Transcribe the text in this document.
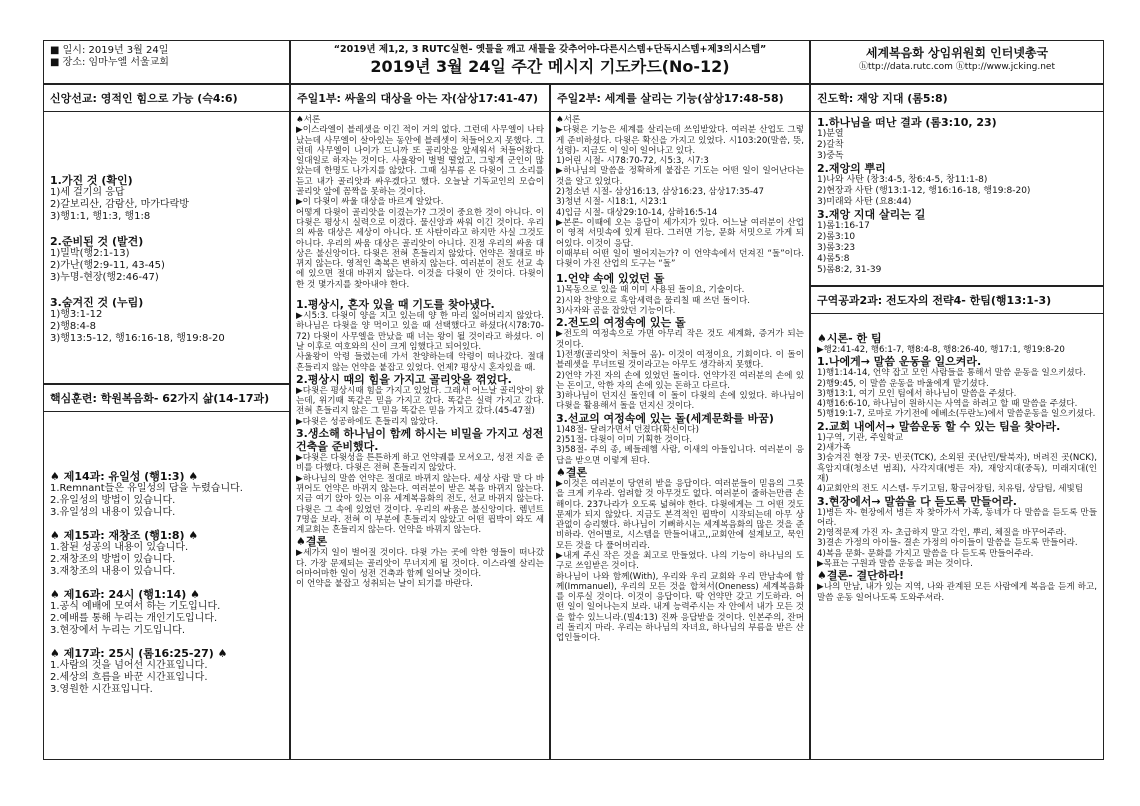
■ 일시: 2019년 3월 24일
■ 장소: 임마누엘 서울교회
“2019년 제1,2, 3 RUTC실현- 옛틀을 깨고 새틀을 갖추어야-다른시스템+단독시스템+제3의시스템”
2019년 3월 24일 주간 메시지 기도카드(No-12)
세계복음화 상임위원회 인터넷총국
ⓗttp://data.rutc.com ⓗttp://www.jcking.net
신앙선교: 영적인 힘으로 가능 (슥4:6)
1.가진 것 (확인)
1)세 걸기의 응답
2)갈보리산, 감람산, 마가다락방
3)행1:1, 행1:3, 행1:8
2.준비된 것 (발견)
1)밀박(행2:1-13)
2)가난(행2:9-11, 43-45)
3)누명-현장(행2:46-47)
3.숨겨진 것 (누림)
1)행3:1-12
2)행8:4-8
3)행13:5-12, 행16:16-18, 행19:8-20
핵심훈련: 학원복음화- 62가지 삶(14-17과)
♠ 제14과: 유일성 (행1:3) ♠
1.Remnant들은 유일성의 답을 누렸습니다.
2.유일성의 방법이 있습니다.
3.유일성의 내용이 있습니다.
♠ 제15과: 재창조 (행1:8) ♠
1.참된 성공의 내용이 있습니다.
2.재창조의 방법이 있습니다.
3.재창조의 내용이 있습니다.
♠ 제16과: 24시 (행1:14) ♠
1.공식 예배에 모여서 하는 기도입니다.
2.예배를 통해 누리는 개인기도입니다.
3.현장에서 누리는 기도입니다.
♠ 제17과: 25시 (롬16:25-27) ♠
1.사람의 것을 넘어선 시간표입니다.
2.세상의 흐름을 바꾼 시간표입니다.
3.영원한 시간표입니다.
주일1부: 싸울의 대상을 아는 자(삼상17:41-47)
♠서론
▶이스라엘이 블레셋을 이긴 적이 거의 없다. 그런데 사무엘이 나타났는데 사무엘이 살아있는 동안에 블레셋이 처들어오지 못했다. 그런데 사무엘이 나이가 드니까 또 골리앗을 앞세워서 처들어왔다. 일대일로 하자는 것이다. 사울왕이 벌벌 떨었고, 그렇게 군인이 많았는데 한명도 나가지를 않았다. 그때 심부름 온 다윗이 그 소리를 듣고 내가 골리앗과 싸우겠다고 했다. 오늘날 기독교인의 모습이 골리앗 앞에 꼼짝을 못하는 것이다.
▶이 다윗이 싸울 대상을 바르게 알았다.
어떻게 다윗이 골리앗을 이겼는가? 그것이 중요한 것이 아니다. 이 다윗은 평상시 실력으로 이겼다. 물신앙과 싸워 이긴 것이다. 우리의 싸움 대상은 세상이 아니다. 또 사탄이라고 하지만 사실 그것도 아니다. 우리의 싸움 대상은 골리앗이 아니다. 진정 우리의 싸움 대상은 불신앙이다. 다윗은 전혀 흔들리지 않았다. 언약은 절대로 바뀌지 않는다. 영적인 축복은 변하지 않는다. 여러분이 전도 선교 속에 있으면 절대 바뀌지 않는다. 이것을 다윗이 안 것이다. 다윗이 한 것 몇가지를 찾아내야 한다.
1.평상시, 혼자 있을 때 기도를 찾아냈다.
▶시5:3. 다윗이 양을 지고 있는데 양 한 마리 잃어버리지 않았다. 하나님은 다윗을 양 먹이고 있을 때 선택했다고 하셨다(시78:70-72) 다윗이 사무엘을 만났을 때 너는 왕이 될 것이라고 하셨다. 이날 이후로 여호와의 신이 크게 임했다고 되어있다.
사울왕이 악령 들렸는데 가서 찬양하는데 악령이 떠나갔다. 절대 흔들리지 않는 언약을 붙잡고 있었다. 언제? 평상시 혼자있을 때.
2.평상시 때의 힘을 가지고 골리앗을 꺾었다.
▶다윗은 평상시때 힘을 가지고 있었다. 그래서 어느날 골리앗이 왔는데, 위기때 똑같은 믿음 가지고 갔다. 똑같은 실력 가지고 갔다. 전혀 흔들리지 않은 그 믿음 똑같은 믿음 가지고 갔다.(45-47절)
▶다윗은 성공하에도 흔들리지 않았다.
3.생소해 하나님이 함께 하시는 비밀을 가지고 성전건축을 준비했다.
▶다윗은 다윗성을 튼튼하게 하고 언약궤를 모셔오고, 성전 지을 준비를 다했다. 다윗은 전혀 흔들리지 않았다.
▶하나님의 말씀 언약은 절대로 바뀌지 않는다. 세상 사람 말 다 바뀌어도 언약은 바뀌지 않는다. 여러분이 받은 복음 바뀌지 않는다. 지금 여기 앉아 있는 이유 세계복음화의 전도, 선교 바뀌지 않는다. 다윗은 그 속에 있었던 것이다. 우리의 싸움은 불신앙이다. 렘넌트 7명을 보라. 전혀 이 부분에 흔들리지 않았고 어떤 핍박이 와도 세계교회는 흔들리지 않는다. 언약을 바꿔지 않는다.
♠결론
▶세가지 일이 벌어질 것이다. 다윗 가는 곳에 악한 영들이 떠나갔다. 가장 문제되는 골리앗이 무너지게 될 것이다. 이스라엘 살리는 어마어마한 일이 성전 건축과 함께 일어날 것이다.
이 언약을 붙잡고 성취되는 날이 되기를 바란다.
주일2부: 세계를 살리는 기능(삼상17:48-58)
♠서론
▶다윗은 기능은 세계를 살리는데 쓰임받았다. 여러분 산업도 그렇게 준비하셨다. 다윗은 확신을 가지고 있었다. 시103:20(말씀, 뜻, 성령)- 지금도 이 일이 일어나고 있다.
1)어린 시절- 시78:70-72, 시5:3, 시7:3
▶하나님의 말씀을 정확하게 붙잡은 기도는 어떤 일이 일어난다는 것을 알고 있었다.
2)청소년 시절- 삼상16:13, 삼상16:23, 삼상17:35-47
3)청년 시절- 시18:1, 시23:1
4)입금 시절- 대상29:10-14, 삼하16:5-14
▶본론- 이때에 오는 응답이 세가지가 있다. 어느날 여러분이 산업이 영적 서밋속에 있게 된다. 그러면 기능, 문화 서밋으로 가게 되어있다. 이것이 응답.
이때부터 어떤 일이 벌어지는가? 이 언약속에서 던져진 “돌”이다. 다윗이 가진 산업의 도구는 “돌”
1.언약 속에 있었던 돌
1)목동으로 있을 때 이미 사용된 돌이요, 기술이다.
2)시와 찬양으로 흑암세력을 물리칠 때 쓰던 돌이다.
3)사자와 곰을 잡았던 기능이다.
2.전도의 여정속에 있는 돌
▶전도의 여정속으로 가면 아무리 작은 것도 세계화, 증거가 되는 것이다.
1)전쟁(골리앗이 처들어 옴)- 이것이 여정이요, 기회이다. 이 돌이 블레셋을 무너뜨릴 것이라고는 아무도 생각하지 못했다.
2)언약 가진 자의 손에 있었던 돌이다. 언약가진 여러분의 손에 있는 돈이고, 악한 자의 손에 있는 돈하고 다르다.
3)하나님이 던지신 돌인데 이 돌이 다윗의 손에 있었다. 하나님이 다윗을 활용해서 돌을 던지신 것이다.
3.선교의 여정속에 있는 돌(세계문화를 바꿈)
1)48절- 달려가면서 던졌다(확신이다)
2)51절- 다윗이 이미 기획한 것이다.
3)58절- 주의 종, 베들레헴 사람, 이새의 아들입니다. 여러분이 응답을 받으면 이렇게 된다.
♠결론
▶이것은 여러분이 당연히 받을 응답이다. 여러분들이 믿음의 그릇을 크게 키우라. 엄려할 것 아무것도 없다. 여러분이 줄하는만큼 손해이다. 237나라가 오도록 넓혀야 한다. 다윗에게는 그 어떤 것도 문제가 되지 않았다. 지금도 본격적인 핍박이 시작되는데 아무 상관없이 승리했다. 하나님이 기뻐하시는 세계복음화의 많은 것을 준비하라. 언어별로, 시스템을 만들어내고,,교회안에 설계보고, 묵인 모든 것을 다 풀어버리라.
▶내게 주신 작은 것을 최고로 만들었다. 나의 기능이 하나님의 도구로 쓰임받은 것이다.
하나님이 나와 함께(With), 우리와 우리 교회와 우리 만남속에 함께(Immanuel), 우리의 모든 것을 합쳐서(Oneness) 세계복음화를 이루실 것이다. 이것이 응답이다. 딱 언약만 갖고 기도하라. 어떤 일이 일어나는지 보라. 내게 능력주시는 자 안에서 내가 모든 것을 할수 있느니라.(빌4:13) 진짜 응답받을 것이다. 인본주의, 잔머리 돌리지 마라. 우리는 하나님의 자녀요, 하나님의 부름을 받은 산업인들이다.
진도학: 재앙 지대 (롬5:8)
1.하나님을 떠난 결과 (롬3:10, 23)
1)분열
2)갈착
3)중독
2.재앙의 뿌리
1)나와 사탄 (창3:4-5, 창6:4-5, 창11:1-8)
2)현장과 사탄 (행13:1-12, 행16:16-18, 행19:8-20)
3)미래와 사탄 (요8:44)
3.재앙 지대 살리는 길
1)롬1:16-17
2)롬3:10
3)롬3:23
4)롬5:8
5)롬8:2, 31-39
구역공과2과: 전도자의 전략4- 한팀(행13:1-3)
♠시론- 한 팀
▶행2:41-42, 행6:1-7, 행8:4-8, 행8:26-40, 행17:1, 행19:8-20
1.나에게→ 말씀 운동을 일으켜라.
1)행1:14-14, 언약 잡고 모인 사람들을 통해서 말씀 운동을 일으키셨다.
2)행9:45, 이 말씀 운동을 바울에게 맡기셨다.
3)행13:1, 여기 모인 팀에서 하나님이 말씀을 주셨다.
4)행16:6-10, 하나님이 원하시는 사역을 하려고 할 때 말씀을 주셨다.
5)행19:1-7, 로마로 가기전에 에베소(두란노)에서 말씀운동을 일으키셨다.
2.교회 내에서→ 말씀운동 할 수 있는 팀을 찾아라.
1)구역, 기관, 주일학교
2)새가족
3)숨겨진 현장 7곳- 빈곳(TCK), 소외된 곳(난민/탈북자), 버려진 곳(NCK), 흑암지대(청소년 범죄), 사각지대(병든 자), 재앙지대(중독), 미래지대(인재)
4)교회안의 전도 시스템- 두기고팀, 황금어장팀, 치유팀, 상담팀, 세빛팀
3.현장에서→ 말씀을 다 듣도록 만들어라.
1)병든 자- 현장에서 병든 자 찾아가서 가족, 동네가 다 말씀을 듣도록 만들어라.
2)영적문제 가진 자- 초급하지 말고 각인, 뿌리, 체질을 바꾸어주라.
3)결손 가정의 아이들- 결손 가정의 아이들이 말씀을 듣도록 만들어라.
4)복음 문화- 문화를 가지고 말씀을 다 듣도록 만들어주라.
▶목표는 구원과 말씀 운동을 퍼는 것이다.
♠결론- 결단하라!
▶나의 만남, 내가 있는 지역, 나와 관계된 모든 사람에게 복음을 듣게 하고, 말씀 운동 일어나도록 도와주셔라.
